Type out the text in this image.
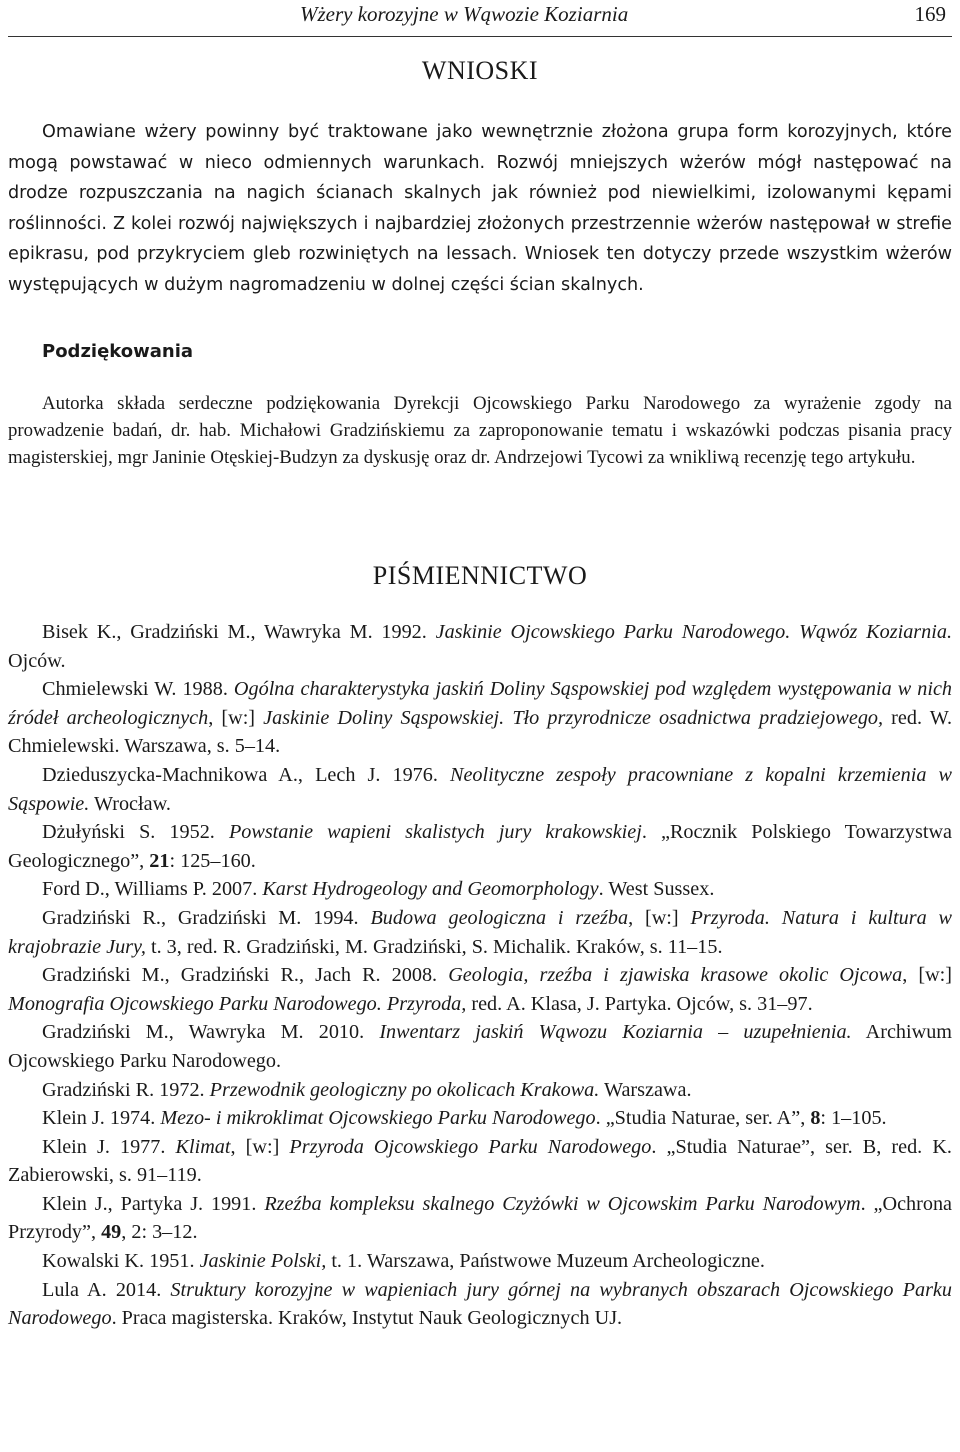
Wżery korozyjne w Wąwozie Koziarnia	169
WNIOSKI

Omawiane wżery powinny być traktowane jako wewnętrznie złożona grupa form korozyjnych, które mogą powstawać w nieco odmiennych warunkach. Rozwój mniejszych wżerów mógł następować na drodze rozpuszczania na nagich ścianach skalnych jak również pod niewielkimi, izolowanymi kępami roślinności. Z kolei rozwój największych i najbardziej złożonych przestrzennie wżerów następował w strefie epikrasu, pod przykryciem gleb rozwiniętych na lessach. Wniosek ten dotyczy przede wszystkim wżerów występujących w dużym nagromadzeniu w dolnej części ścian skalnych.

Podziękowania

Autorka składa serdeczne podziękowania Dyrekcji Ojcowskiego Parku Narodowego za wyrażenie zgody na prowadzenie badań, dr. hab. Michałowi Gradzińskiemu za zaproponowanie tematu i wskazówki podczas pisania pracy magisterskiej, mgr Janinie Otęskiej-Budzyn za dyskusję oraz dr. Andrzejowi Tycowi za wnikliwą recenzję tego artykułu.

PIŚMIENNICTWO

Bisek K., Gradziński M., Wawryka M. 1992. Jaskinie Ojcowskiego Parku Narodowego. Wąwóz Koziarnia. Ojców.

Chmielewski W. 1988. Ogólna charakterystyka jaskiń Doliny Sąspowskiej pod względem występowania w nich źródeł archeologicznych, [w:] Jaskinie Doliny Sąspowskiej. Tło przyrodnicze osadnictwa pradziejowego, red. W. Chmielewski. Warszawa, s. 5–14.

Dzieduszycka-Machnikowa A., Lech J. 1976. Neolityczne zespoły pracowniane z kopalni krzemienia w Sąspowie. Wrocław.

Dżułyński S. 1952. Powstanie wapieni skalistych jury krakowskiej. „Rocznik Polskiego Towarzystwa Geologicznego”, 21: 125–160.

Ford D., Williams P. 2007. Karst Hydrogeology and Geomorphology. West Sussex.

Gradziński R., Gradziński M. 1994. Budowa geologiczna i rzeźba, [w:] Przyroda. Natura i kultura w krajobrazie Jury, t. 3, red. R. Gradziński, M. Gradziński, S. Michalik. Kraków, s. 11–15.

Gradziński M., Gradziński R., Jach R. 2008. Geologia, rzeźba i zjawiska krasowe okolic Ojcowa, [w:] Monografia Ojcowskiego Parku Narodowego. Przyroda, red. A. Klasa, J. Partyka. Ojców, s. 31–97.

Gradziński M., Wawryka M. 2010. Inwentarz jaskiń Wąwozu Koziarnia – uzupełnienia. Archiwum Ojcowskiego Parku Narodowego.

Gradziński R. 1972. Przewodnik geologiczny po okolicach Krakowa. Warszawa.

Klein J. 1974. Mezo- i mikroklimat Ojcowskiego Parku Narodowego. „Studia Naturae, ser. A”, 8: 1–105.

Klein J. 1977. Klimat, [w:] Przyroda Ojcowskiego Parku Narodowego. „Studia Naturae”, ser. B, red. K. Zabierowski, s. 91–119.

Klein J., Partyka J. 1991. Rzeźba kompleksu skalnego Czyżówki w Ojcowskim Parku Narodowym. „Ochrona Przyrody”, 49, 2: 3–12.

Kowalski K. 1951. Jaskinie Polski, t. 1. Warszawa, Państwowe Muzeum Archeologiczne.

Lula A. 2014. Struktury korozyjne w wapieniach jury górnej na wybranych obszarach Ojcowskiego Parku Narodowego. Praca magisterska. Kraków, Instytut Nauk Geologicznych UJ.
